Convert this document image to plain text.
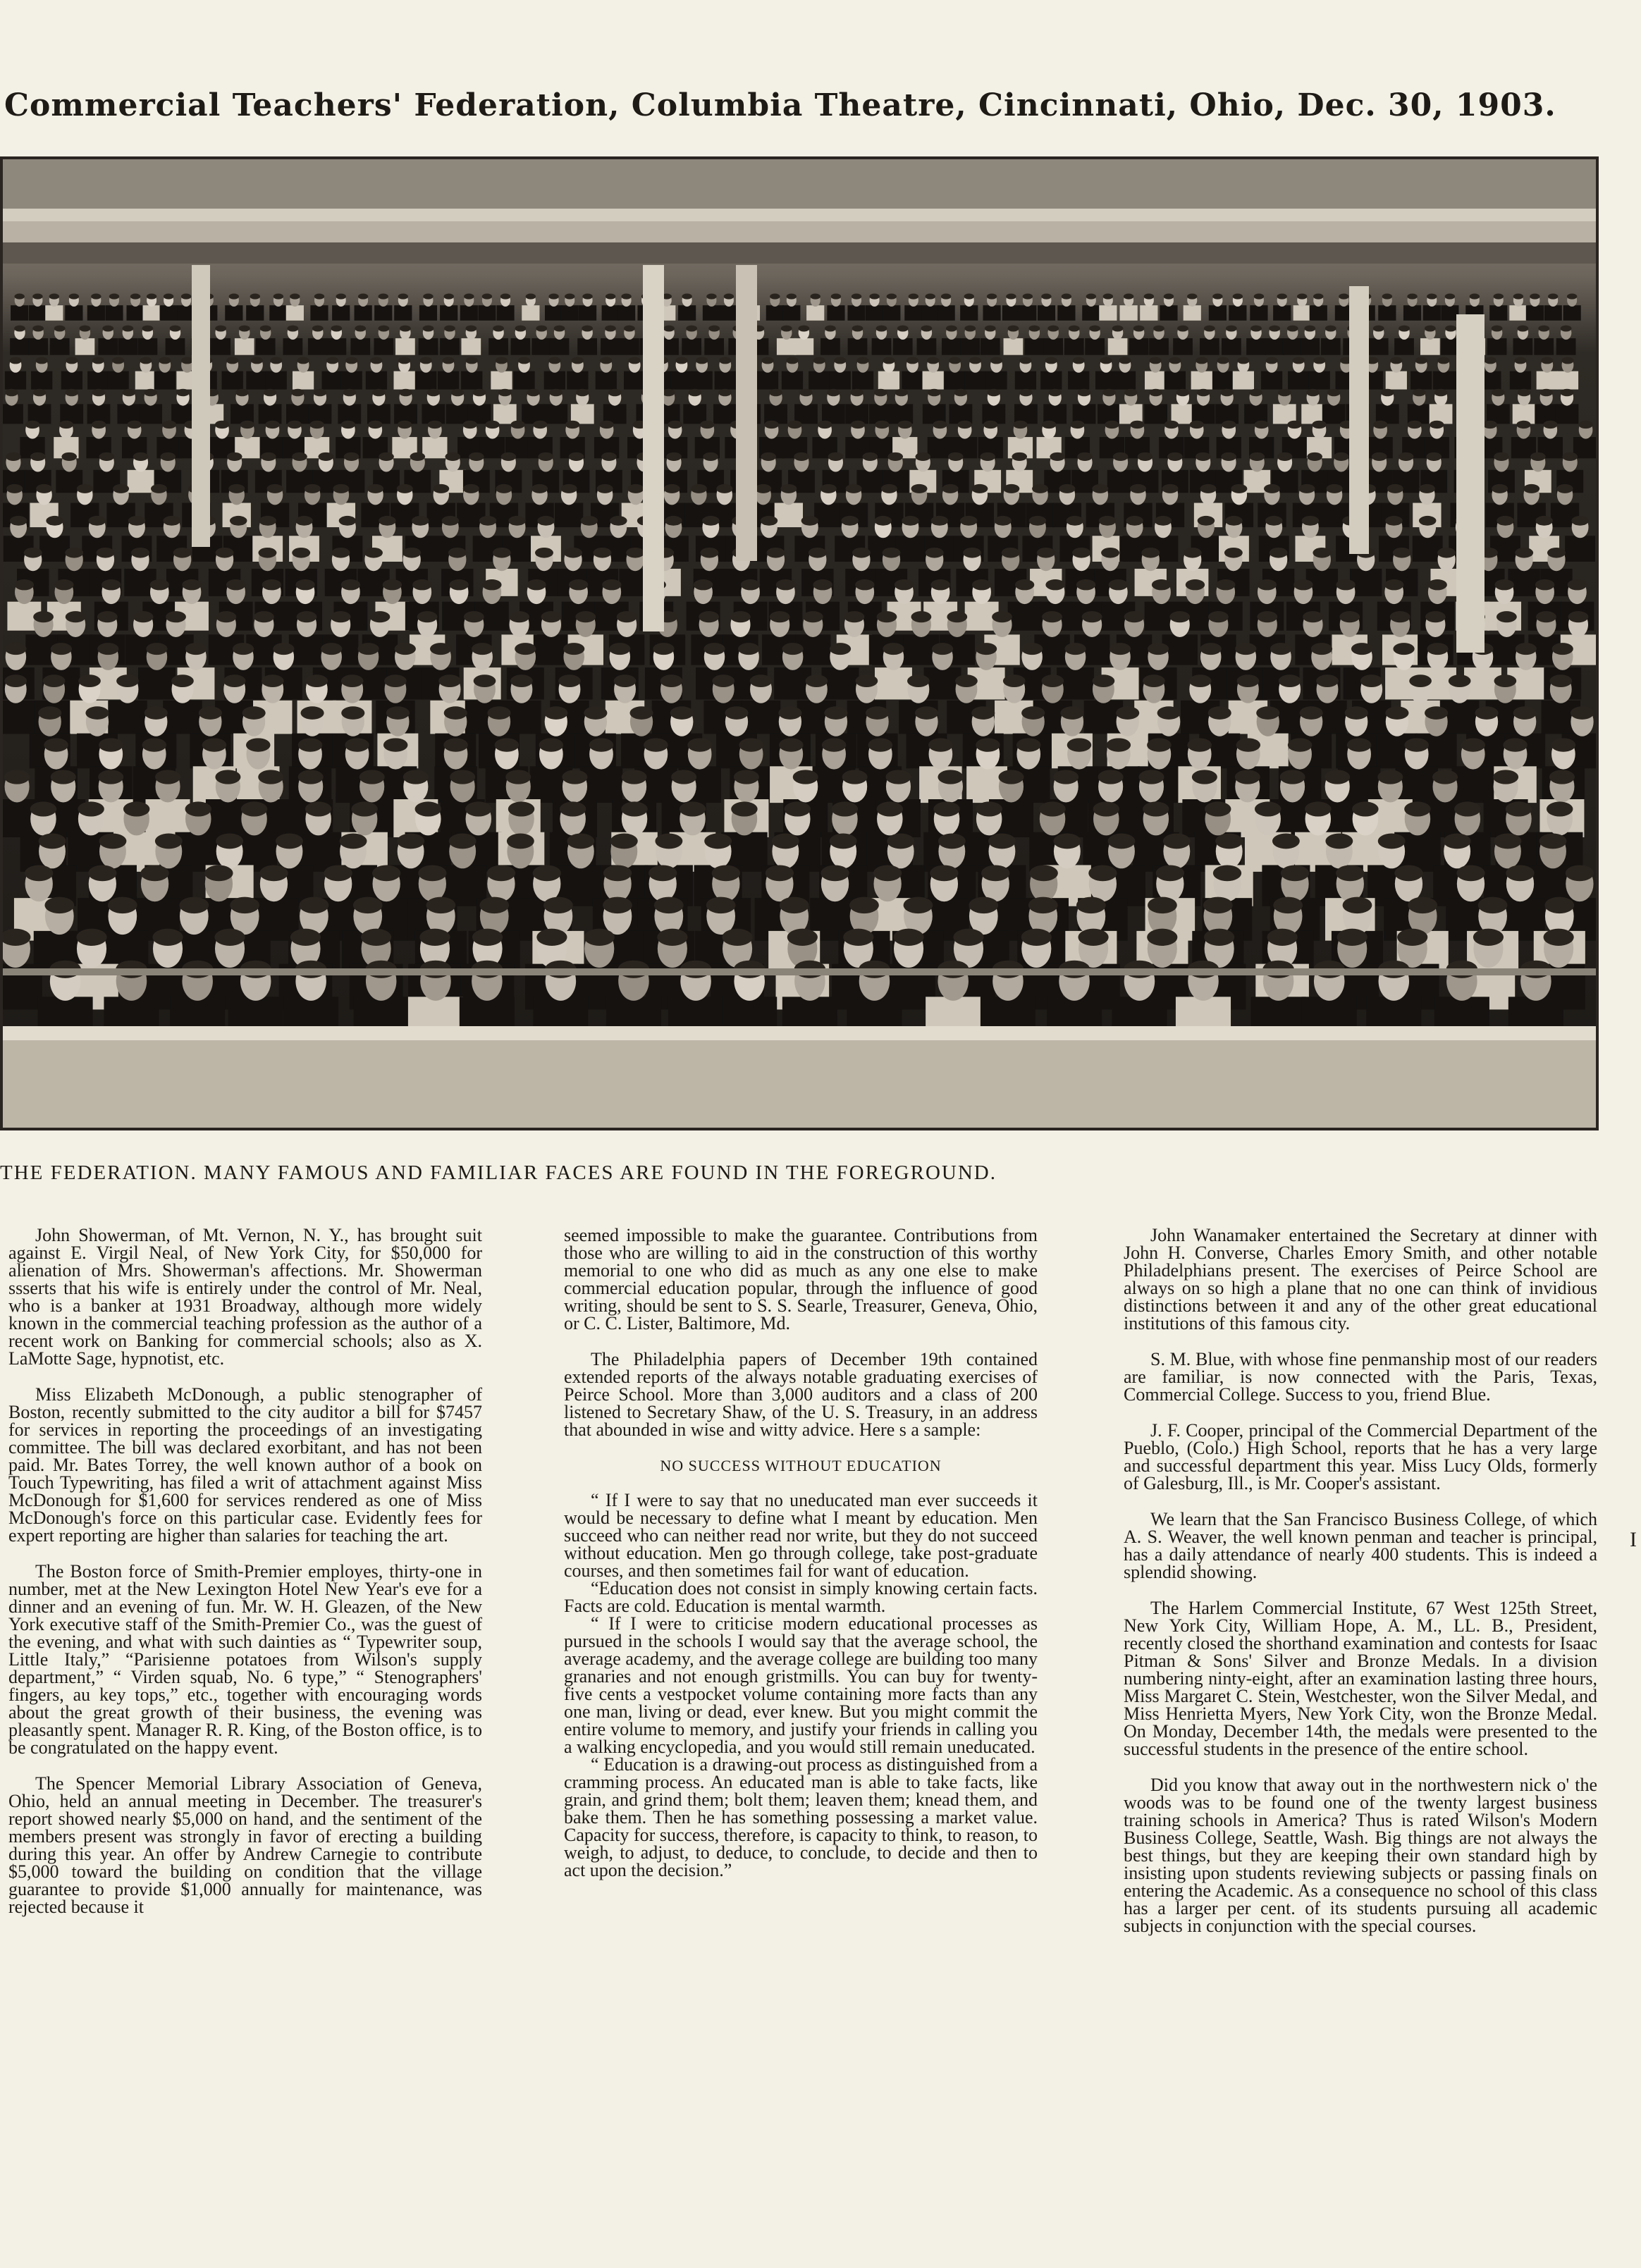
Commercial Teachers' Federation, Columbia Theatre, Cincinnati, Ohio, Dec. 30, 1903.
THE FEDERATION. MANY FAMOUS AND FAMILIAR FACES ARE FOUND IN THE FOREGROUND.

John Showerman, of Mt. Vernon, N. Y., has brought suit against E. Virgil Neal, of New York City, for $50,000 for alienation of Mrs. Showerman's affections. Mr. Showerman ssserts that his wife is entirely under the control of Mr. Neal, who is a banker at 1931 Broadway, although more widely known in the commercial teaching profession as the author of a recent work on Banking for commercial schools; also as X. LaMotte Sage, hypnotist, etc.

Miss Elizabeth McDonough, a public stenographer of Boston, recently submitted to the city auditor a bill for $7457 for services in reporting the proceedings of an investigating committee. The bill was declared exorbitant, and has not been paid. Mr. Bates Torrey, the well known author of a book on Touch Typewriting, has filed a writ of attachment against Miss McDonough for $1,600 for services rendered as one of Miss McDonough's force on this particular case. Evidently fees for expert reporting are higher than salaries for teaching the art.

The Boston force of Smith-Premier employes, thirty-one in number, met at the New Lexington Hotel New Year's eve for a dinner and an evening of fun. Mr. W. H. Gleazen, of the New York executive staff of the Smith-Premier Co., was the guest of the evening, and what with such dainties as “ Typewriter soup, Little Italy,” “Parisienne potatoes from Wilson's supply department,” “ Virden squab, No. 6 type,” “ Stenographers' fingers, au key tops,” etc., together with encouraging words about the great growth of their business, the evening was pleasantly spent. Manager R. R. King, of the Boston office, is to be congratulated on the happy event.

The Spencer Memorial Library Association of Geneva, Ohio, held an annual meeting in December. The treasurer's report showed nearly $5,000 on hand, and the sentiment of the members present was strongly in favor of erecting a building during this year. An offer by Andrew Carnegie to contribute $5,000 toward the building on condition that the village guarantee to provide $1,000 annually for maintenance, was rejected because it

seemed impossible to make the guarantee. Contributions from those who are willing to aid in the construction of this worthy memorial to one who did as much as any one else to make commercial education popular, through the influence of good writing, should be sent to S. S. Searle, Treasurer, Geneva, Ohio, or C. C. Lister, Baltimore, Md.

The Philadelphia papers of December 19th contained extended reports of the always notable graduating exercises of Peirce School. More than 3,000 auditors and a class of 200 listened to Secretary Shaw, of the U. S. Treasury, in an address that abounded in wise and witty advice. Here s a sample:

NO SUCCESS WITHOUT EDUCATION

“ If I were to say that no uneducated man ever succeeds it would be necessary to define what I meant by education. Men succeed who can neither read nor write, but they do not succeed without education. Men go through college, take post-graduate courses, and then sometimes fail for want of education.

“Education does not consist in simply knowing certain facts. Facts are cold. Education is mental warmth.

“ If I were to criticise modern educational processes as pursued in the schools I would say that the average school, the average academy, and the average college are building too many granaries and not enough gristmills. You can buy for twenty-five cents a vestpocket volume containing more facts than any one man, living or dead, ever knew. But you might commit the entire volume to memory, and justify your friends in calling you a walking encyclopedia, and you would still remain uneducated.

“ Education is a drawing-out process as distinguished from a cramming process. An educated man is able to take facts, like grain, and grind them; bolt them; leaven them; knead them, and bake them. Then he has something possessing a market value. Capacity for success, therefore, is capacity to think, to reason, to weigh, to adjust, to deduce, to conclude, to decide and then to act upon the decision.”

John Wanamaker entertained the Secretary at dinner with John H. Converse, Charles Emory Smith, and other notable Philadelphians present. The exercises of Peirce School are always on so high a plane that no one can think of invidious distinctions between it and any of the other great educational institutions of this famous city.

S. M. Blue, with whose fine penmanship most of our readers are familiar, is now connected with the Paris, Texas, Commercial College. Success to you, friend Blue.

J. F. Cooper, principal of the Commercial Department of the Pueblo, (Colo.) High School, reports that he has a very large and successful department this year. Miss Lucy Olds, formerly of Galesburg, Ill., is Mr. Cooper's assistant.

We learn that the San Francisco Business College, of which A. S. Weaver, the well known penman and teacher is principal, has a daily attendance of nearly 400 students. This is indeed a splendid showing.

The Harlem Commercial Institute, 67 West 125th Street, New York City, William Hope, A. M., LL. B., President, recently closed the shorthand examination and contests for Isaac Pitman & Sons' Silver and Bronze Medals. In a division numbering ninty-eight, after an examination lasting three hours, Miss Margaret C. Stein, Westchester, won the Silver Medal, and Miss Henrietta Myers, New York City, won the Bronze Medal. On Monday, December 14th, the medals were presented to the successful students in the presence of the entire school.

Did you know that away out in the northwestern nick o' the woods was to be found one of the twenty largest business training schools in America? Thus is rated Wilson's Modern Business College, Seattle, Wash. Big things are not always the best things, but they are keeping their own standard high by insisting upon students reviewing subjects or passing finals on entering the Academic. As a consequence no school of this class has a larger per cent. of its students pursuing all academic subjects in conjunction with the special courses.

I
